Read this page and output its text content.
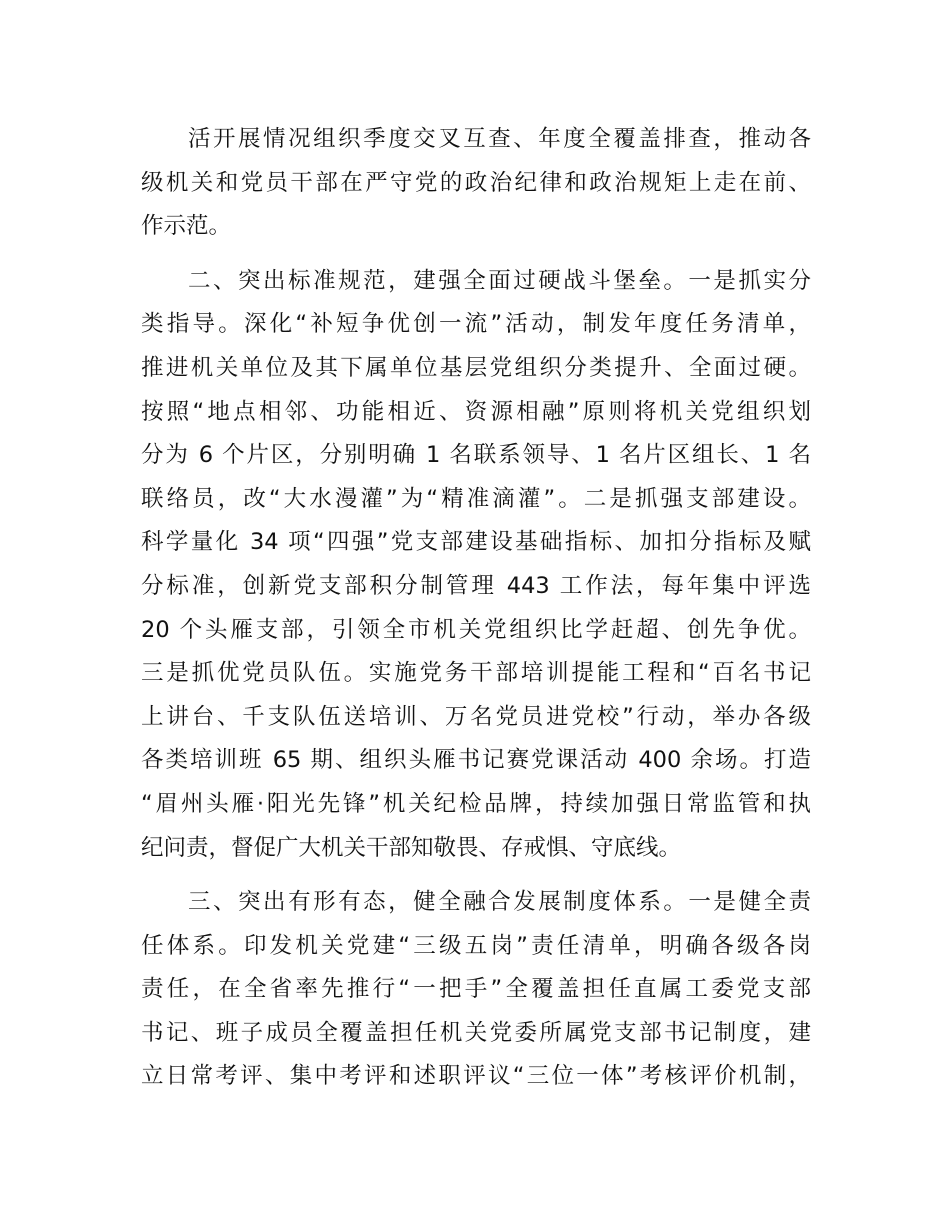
活开展情况组织季度交叉互查、年度全覆盖排查，推动各
级机关和党员干部在严守党的政治纪律和政治规矩上走在前、
作示范。
二、突出标准规范，建强全面过硬战斗堡垒。一是抓实分
类指导。深化“补短争优创一流”活动，制发年度任务清单，
推进机关单位及其下属单位基层党组织分类提升、全面过硬。
按照“地点相邻、功能相近、资源相融”原则将机关党组织划
分为 6 个片区，分别明确 1 名联系领导、1 名片区组长、1 名
联络员，改“大水漫灌”为“精准滴灌”。二是抓强支部建设。
科学量化 34 项“四强”党支部建设基础指标、加扣分指标及赋
分标准，创新党支部积分制管理 443 工作法，每年集中评选
20 个头雁支部，引领全市机关党组织比学赶超、创先争优。
三是抓优党员队伍。实施党务干部培训提能工程和“百名书记
上讲台、千支队伍送培训、万名党员进党校”行动，举办各级
各类培训班 65 期、组织头雁书记赛党课活动 400 余场。打造
“眉州头雁·阳光先锋”机关纪检品牌，持续加强日常监管和执
纪问责，督促广大机关干部知敬畏、存戒惧、守底线。
三、突出有形有态，健全融合发展制度体系。一是健全责
任体系。印发机关党建“三级五岗”责任清单，明确各级各岗
责任，在全省率先推行“一把手”全覆盖担任直属工委党支部
书记、班子成员全覆盖担任机关党委所属党支部书记制度，建
立日常考评、集中考评和述职评议“三位一体”考核评价机制，
